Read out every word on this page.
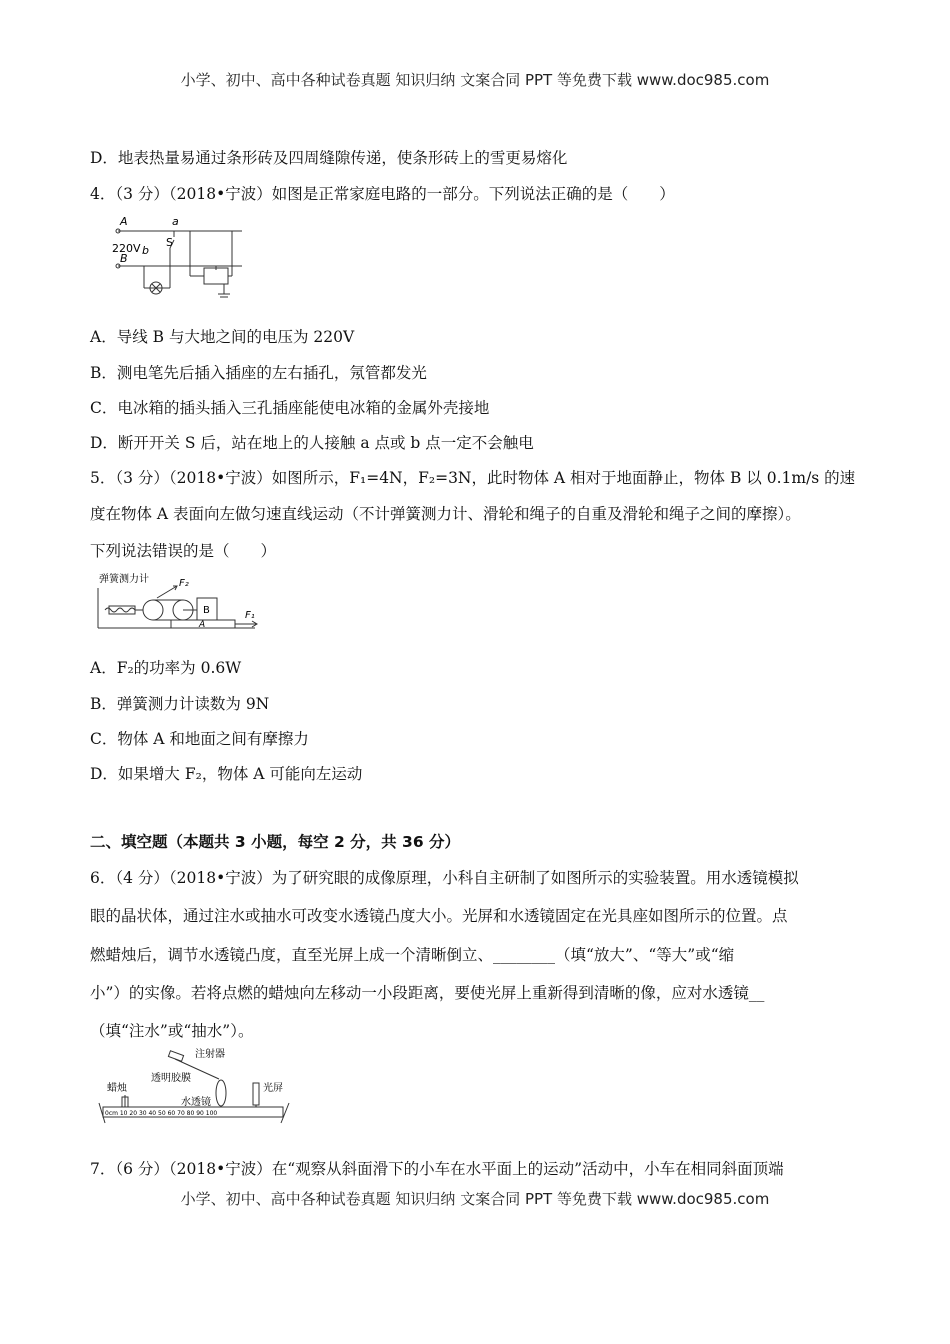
小学、初中、高中各种试卷真题 知识归纳 文案合同 PPT 等免费下载 www.doc985.com
D．地表热量易通过条形砖及四周缝隙传递，使条形砖上的雪更易熔化
4．（3 分）（2018•宁波）如图是正常家庭电路的一部分。下列说法正确的是（　　）
A	a
220V b
S
B
A．导线 B 与大地之间的电压为 220V
B．测电笔先后插入插座的左右插孔，氖管都发光
C．电冰箱的插头插入三孔插座能使电冰箱的金属外壳接地
D．断开开关 S 后，站在地上的人接触 a 点或 b 点一定不会触电
5．（3 分）（2018•宁波）如图所示，F₁=4N，F₂=3N，此时物体 A 相对于地面静止，物体 B 以 0.1m/s 的速
度在物体 A 表面向左做匀速直线运动（不计弹簧测力计、滑轮和绳子的自重及滑轮和绳子之间的摩擦）。
下列说法错误的是（　　）
弹簧测力计	F₂
B
A
F₁
A．F₂的功率为 0.6W
B．弹簧测力计读数为 9N
C．物体 A 和地面之间有摩擦力
D．如果增大 F₂，物体 A 可能向左运动
二、填空题（本题共 3 小题，每空 2 分，共 36 分）
6．（4 分）（2018•宁波）为了研究眼的成像原理，小科自主研制了如图所示的实验装置。用水透镜模拟
眼的晶状体，通过注水或抽水可改变水透镜凸度大小。光屏和水透镜固定在光具座如图所示的位置。点
燃蜡烛后，调节水透镜凸度，直至光屏上成一个清晰倒立、________（填“放大”、“等大”或“缩
小”）的实像。若将点燃的蜡烛向左移动一小段距离，要使光屏上重新得到清晰的像，应对水透镜__
（填“注水”或“抽水”）。
注射器
透明胶膜
蜡烛
水透镜
光屏
0cm 10 20 30 40 50 60 70 80 90 100
7．（6 分）（2018•宁波）在“观察从斜面滑下的小车在水平面上的运动”活动中，小车在相同斜面顶端
小学、初中、高中各种试卷真题 知识归纳 文案合同 PPT 等免费下载 www.doc985.com
